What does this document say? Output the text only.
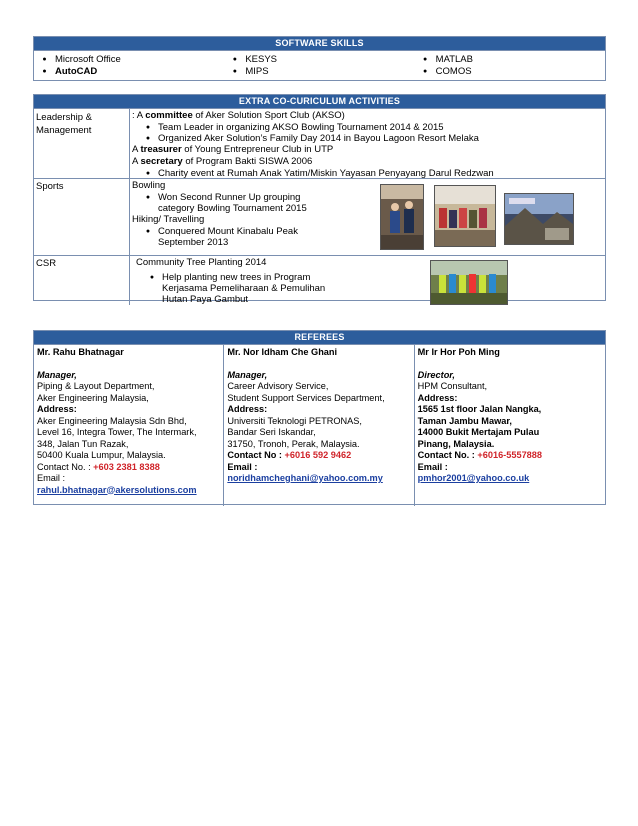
SOFTWARE SKILLS
● Microsoft Office
● AutoCAD
● KESYS
● MIPS
● MATLAB
● COMOS
EXTRA CO-CURICULUM ACTIVITIES
Leadership & Management
: A committee of Aker Solution Sport Club (AKSO)
● Team Leader in organizing AKSO Bowling Tournament 2014 & 2015
● Organized Aker Solution’s Family Day 2014 in Bayou Lagoon Resort Melaka
A treasurer of Young Entrepreneur Club in UTP
A secretary of Program Bakti SISWA 2006
● Charity event at Rumah Anak Yatim/Miskin Yayasan Penyayang Darul Redzwan
Sports	Bowling
● Won Second Runner Up grouping
category Bowling Tournament 2015
Hiking/ Travelling
● Conquered Mount Kinabalu Peak
September 2013
CSR	Community Tree Planting 2014
● Help planting new trees in Program
Kerjasama Pemeliharaan & Pemulihan
Hutan Paya Gambut
REFEREES
Mr. Rahu Bhatnagar
Manager,
Piping & Layout Department,
Aker Engineering Malaysia,
Address:
Aker Engineering Malaysia Sdn Bhd,
Level 16, Integra Tower, The Intermark,
348, Jalan Tun Razak,
50400 Kuala Lumpur, Malaysia.
Contact No. : +603 2381 8388
Email :
rahul.bhatnagar@akersolutions.com
Mr. Nor Idham Che Ghani
Manager,
Career Advisory Service,
Student Support Services Department,
Address:
Universiti Teknologi PETRONAS,
Bandar Seri Iskandar,
31750, Tronoh, Perak, Malaysia.
Contact No : +6016 592 9462
Email :
noridhamcheghani@yahoo.com.my
Mr Ir Hor Poh Ming
Director,
HPM Consultant,
Address:
1565 1st floor Jalan Nangka,
Taman Jambu Mawar,
14000 Bukit Mertajam Pulau
Pinang, Malaysia.
Contact No. : +6016-5557888
Email :
pmhor2001@yahoo.co.uk
